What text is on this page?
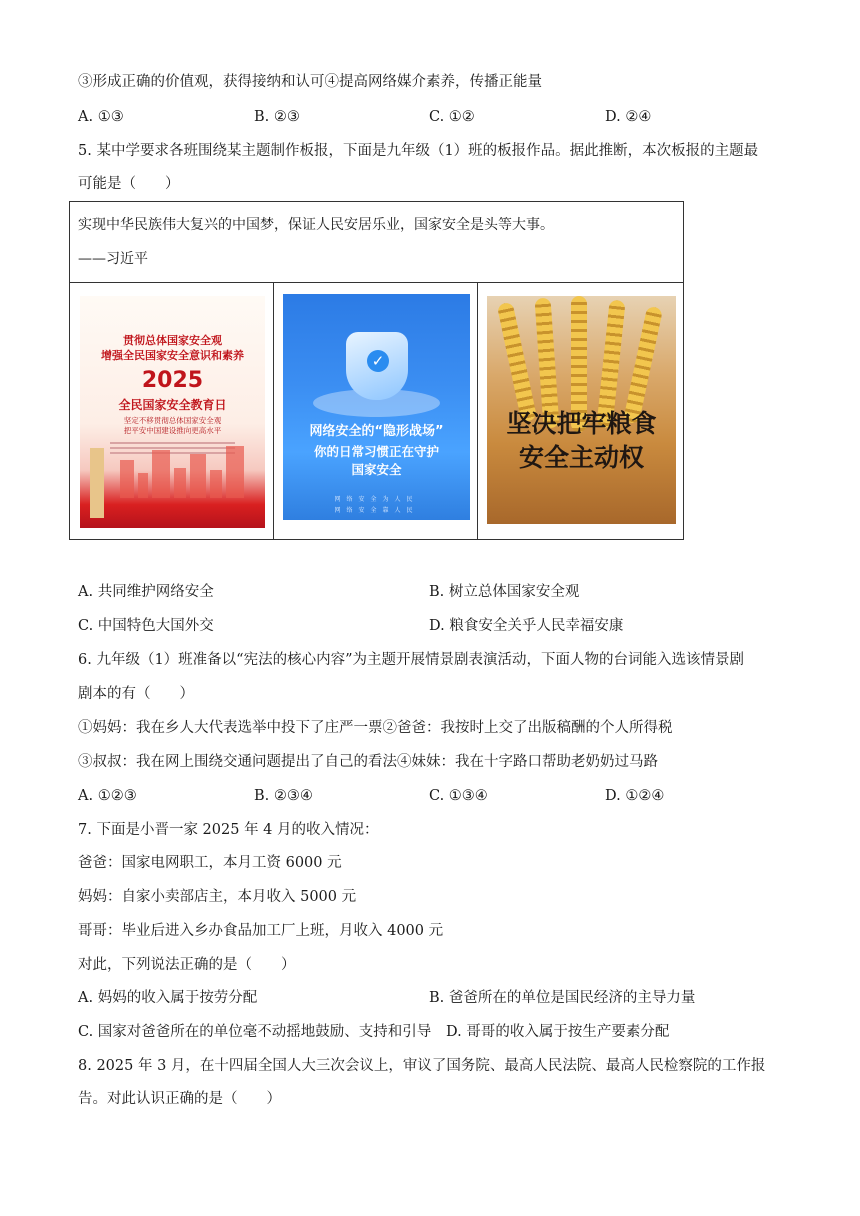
③形成正确的价值观，获得接纳和认可④提高网络媒介素养，传播正能量
A. ①③	B. ②③	C. ①②	D. ②④
5. 某中学要求各班围绕某主题制作板报，下面是九年级（1）班的板报作品。据此推断，本次板报的主题最
可能是（　　）
实现中华民族伟大复兴的中国梦，保证人民安居乐业，国家安全是头等大事。
——习近平
贯彻总体国家安全观
增强全民国家安全意识和素养
2025
全民国家安全教育日
坚定不移贯彻总体国家安全观
把平安中国建设推向更高水平
✓
网络安全的“隐形战场”
你的日常习惯正在守护
国家安全
网络安全为人民
网络安全靠人民
坚决把牢粮食
安全主动权
A. 共同维护网络安全	B. 树立总体国家安全观
C. 中国特色大国外交	D. 粮食安全关乎人民幸福安康
6. 九年级（1）班准备以“宪法的核心内容”为主题开展情景剧表演活动，下面人物的台词能入选该情景剧
剧本的有（　　）
①妈妈：我在乡人大代表选举中投下了庄严一票②爸爸：我按时上交了出版稿酬的个人所得税
③叔叔：我在网上围绕交通问题提出了自己的看法④妹妹：我在十字路口帮助老奶奶过马路
A. ①②③	B. ②③④	C. ①③④	D. ①②④
7. 下面是小晋一家 2025 年 4 月的收入情况：
爸爸：国家电网职工，本月工资 6000 元
妈妈：自家小卖部店主，本月收入 5000 元
哥哥：毕业后进入乡办食品加工厂上班，月收入 4000 元
对此，下列说法正确的是（　　）
A. 妈妈的收入属于按劳分配	B. 爸爸所在的单位是国民经济的主导力量
C. 国家对爸爸所在的单位毫不动摇地鼓励、支持和引导 D. 哥哥的收入属于按生产要素分配
8. 2025 年 3 月，在十四届全国人大三次会议上，审议了国务院、最高人民法院、最高人民检察院的工作报
告。对此认识正确的是（　　）
